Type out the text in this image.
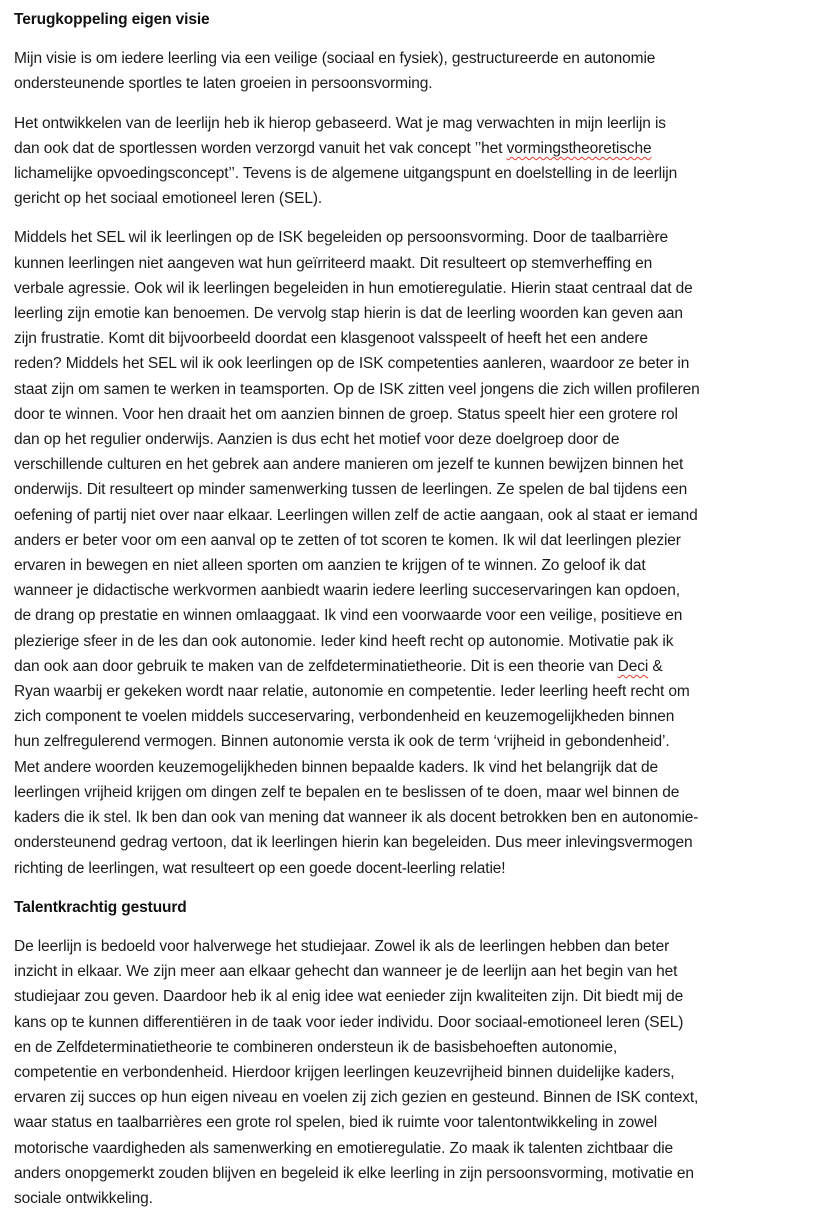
Terugkoppeling eigen visie
Mijn visie is om iedere leerling via een veilige (sociaal en fysiek), gestructureerde en autonomie
ondersteunende sportles te laten groeien in persoonsvorming.
Het ontwikkelen van de leerlijn heb ik hierop gebaseerd. Wat je mag verwachten in mijn leerlijn is
dan ook dat de sportlessen worden verzorgd vanuit het vak concept ’’het vormingstheoretische
lichamelijke opvoedingsconcept’’. Tevens is de algemene uitgangspunt en doelstelling in de leerlijn
gericht op het sociaal emotioneel leren (SEL).
Middels het SEL wil ik leerlingen op de ISK begeleiden op persoonsvorming. Door de taalbarrière
kunnen leerlingen niet aangeven wat hun geïrriteerd maakt. Dit resulteert op stemverheffing en
verbale agressie. Ook wil ik leerlingen begeleiden in hun emotieregulatie. Hierin staat centraal dat de
leerling zijn emotie kan benoemen. De vervolg stap hierin is dat de leerling woorden kan geven aan
zijn frustratie. Komt dit bijvoorbeeld doordat een klasgenoot valsspeelt of heeft het een andere
reden? Middels het SEL wil ik ook leerlingen op de ISK competenties aanleren, waardoor ze beter in
staat zijn om samen te werken in teamsporten. Op de ISK zitten veel jongens die zich willen profileren
door te winnen. Voor hen draait het om aanzien binnen de groep. Status speelt hier een grotere rol
dan op het regulier onderwijs. Aanzien is dus echt het motief voor deze doelgroep door de
verschillende culturen en het gebrek aan andere manieren om jezelf te kunnen bewijzen binnen het
onderwijs. Dit resulteert op minder samenwerking tussen de leerlingen. Ze spelen de bal tijdens een
oefening of partij niet over naar elkaar. Leerlingen willen zelf de actie aangaan, ook al staat er iemand
anders er beter voor om een aanval op te zetten of tot scoren te komen. Ik wil dat leerlingen plezier
ervaren in bewegen en niet alleen sporten om aanzien te krijgen of te winnen. Zo geloof ik dat
wanneer je didactische werkvormen aanbiedt waarin iedere leerling succeservaringen kan opdoen,
de drang op prestatie en winnen omlaaggaat. Ik vind een voorwaarde voor een veilige, positieve en
plezierige sfeer in de les dan ook autonomie. Ieder kind heeft recht op autonomie. Motivatie pak ik
dan ook aan door gebruik te maken van de zelfdeterminatietheorie. Dit is een theorie van Deci &
Ryan waarbij er gekeken wordt naar relatie, autonomie en competentie. Ieder leerling heeft recht om
zich component te voelen middels succeservaring, verbondenheid en keuzemogelijkheden binnen
hun zelfregulerend vermogen. Binnen autonomie versta ik ook de term ‘vrijheid in gebondenheid’.
Met andere woorden keuzemogelijkheden binnen bepaalde kaders. Ik vind het belangrijk dat de
leerlingen vrijheid krijgen om dingen zelf te bepalen en te beslissen of te doen, maar wel binnen de
kaders die ik stel. Ik ben dan ook van mening dat wanneer ik als docent betrokken ben en autonomie-
ondersteunend gedrag vertoon, dat ik leerlingen hierin kan begeleiden. Dus meer inlevingsvermogen
richting de leerlingen, wat resulteert op een goede docent-leerling relatie!
Talentkrachtig gestuurd
De leerlijn is bedoeld voor halverwege het studiejaar. Zowel ik als de leerlingen hebben dan beter
inzicht in elkaar. We zijn meer aan elkaar gehecht dan wanneer je de leerlijn aan het begin van het
studiejaar zou geven. Daardoor heb ik al enig idee wat eenieder zijn kwaliteiten zijn. Dit biedt mij de
kans op te kunnen differentiëren in de taak voor ieder individu. Door sociaal-emotioneel leren (SEL)
en de Zelfdeterminatietheorie te combineren ondersteun ik de basisbehoeften autonomie,
competentie en verbondenheid. Hierdoor krijgen leerlingen keuzevrijheid binnen duidelijke kaders,
ervaren zij succes op hun eigen niveau en voelen zij zich gezien en gesteund. Binnen de ISK context,
waar status en taalbarrières een grote rol spelen, bied ik ruimte voor talentontwikkeling in zowel
motorische vaardigheden als samenwerking en emotieregulatie. Zo maak ik talenten zichtbaar die
anders onopgemerkt zouden blijven en begeleid ik elke leerling in zijn persoonsvorming, motivatie en
sociale ontwikkeling.
